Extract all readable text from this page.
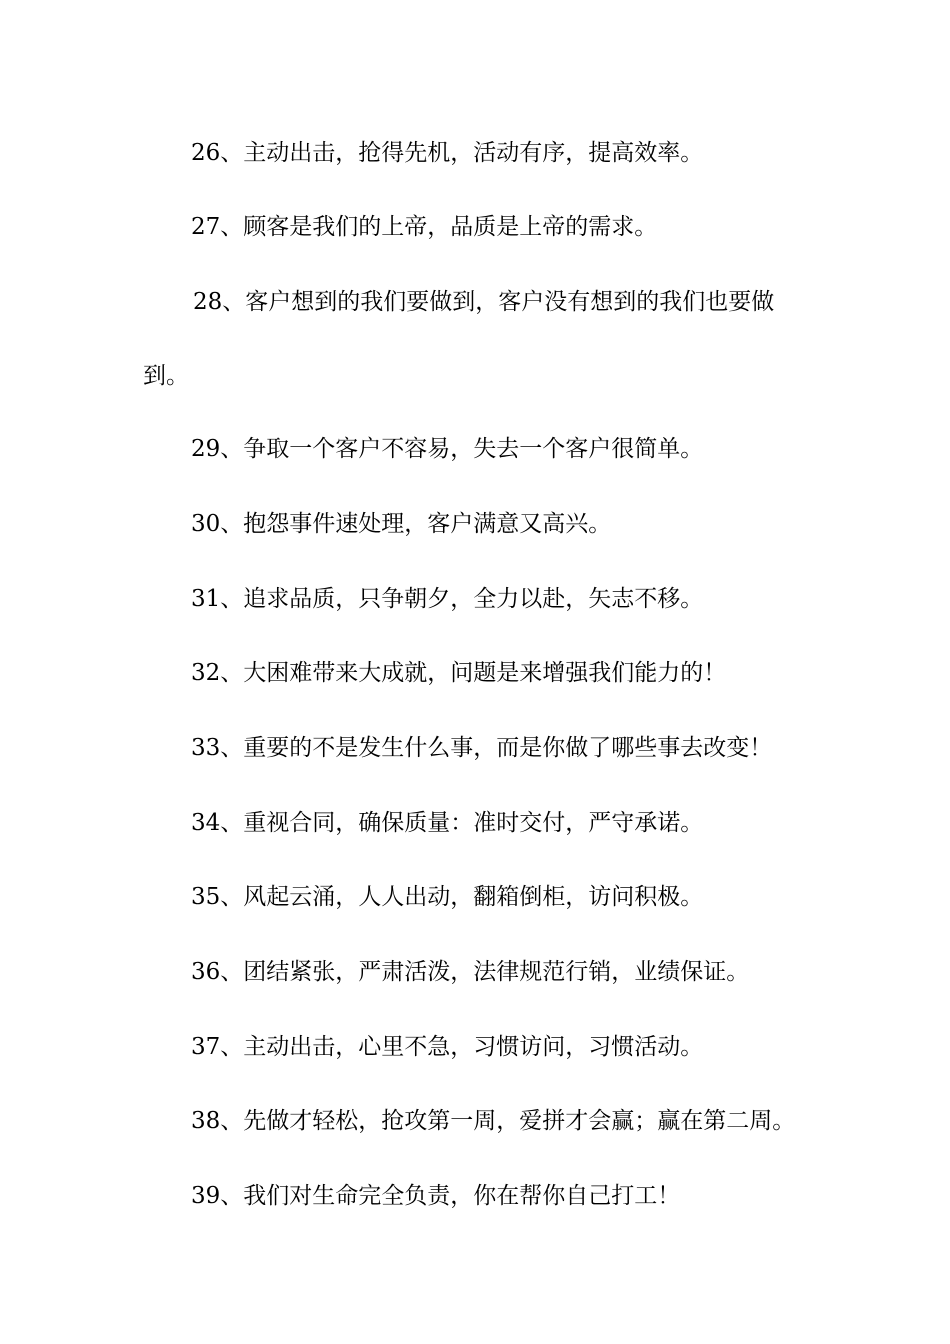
26、主动出击，抢得先机，活动有序，提高效率。
27、顾客是我们的上帝，品质是上帝的需求。
28、客户想到的我们要做到，客户没有想到的我们也要做
到。
29、争取一个客户不容易，失去一个客户很简单。
30、抱怨事件速处理，客户满意又高兴。
31、追求品质，只争朝夕，全力以赴，矢志不移。
32、大困难带来大成就，问题是来增强我们能力的！
33、重要的不是发生什么事，而是你做了哪些事去改变！
34、重视合同，确保质量：准时交付，严守承诺。
35、风起云涌，人人出动，翻箱倒柜，访问积极。
36、团结紧张，严肃活泼，法律规范行销，业绩保证。
37、主动出击，心里不急，习惯访问，习惯活动。
38、先做才轻松，抢攻第一周，爱拼才会赢；赢在第二周。
39、我们对生命完全负责，你在帮你自己打工！
